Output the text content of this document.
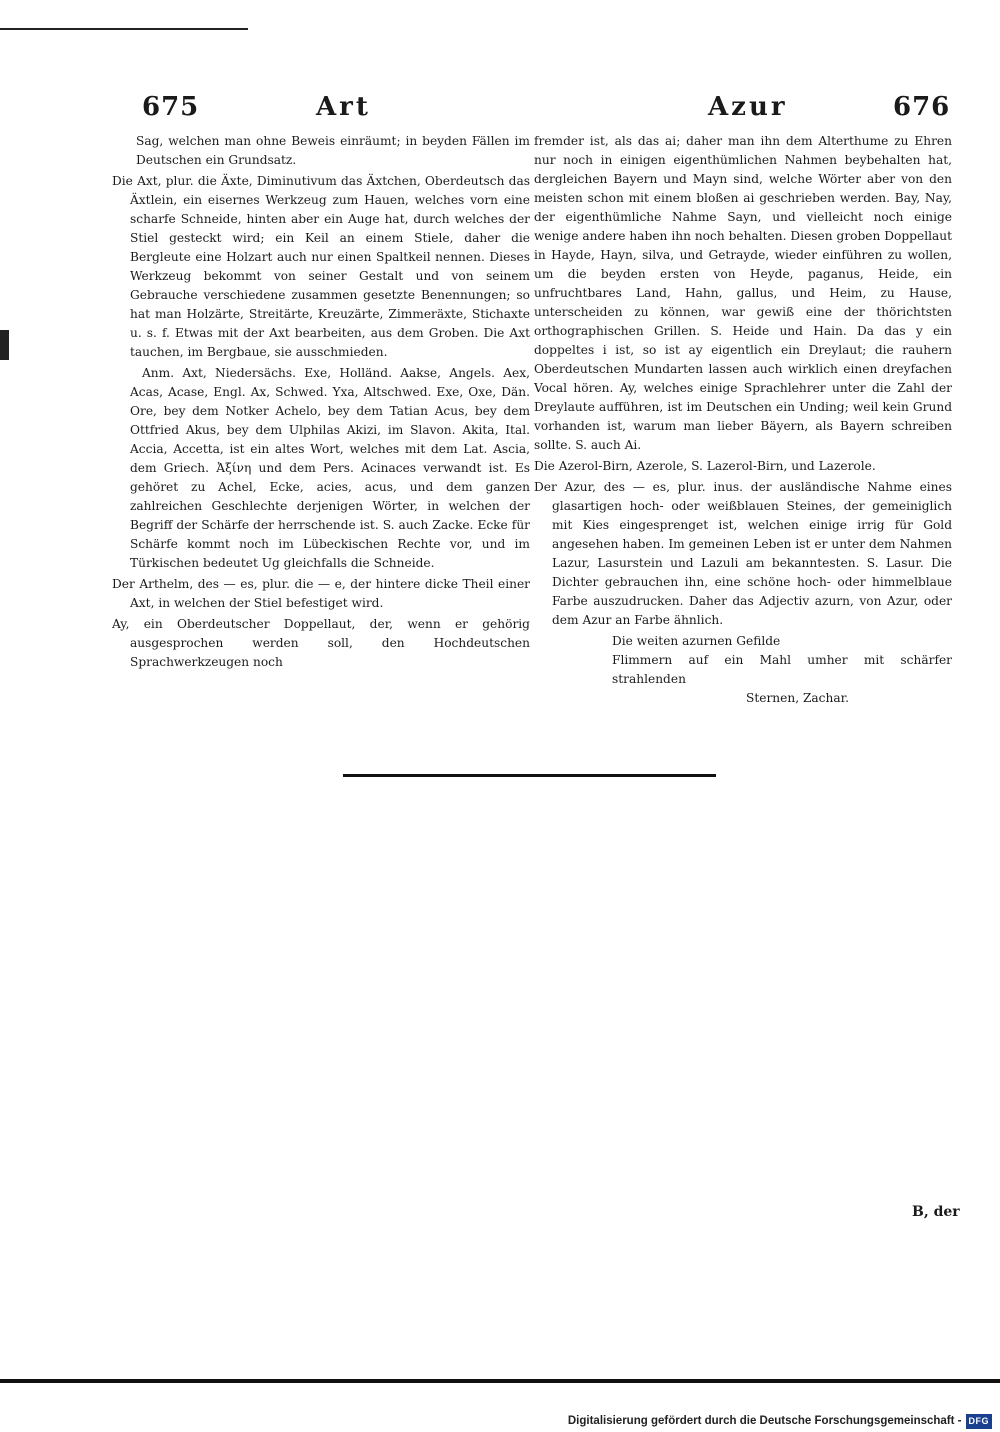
675	Art	Azur	676

Sag, welchen man ohne Beweis einräumt; in beyden Fällen im Deutschen ein Grundsatz.

Die Axt, plur. die Äxte, Diminutivum das Äxtchen, Oberdeutsch das Äxtlein, ein eisernes Werkzeug zum Hauen, welches vorn eine scharfe Schneide, hinten aber ein Auge hat, durch welches der Stiel gesteckt wird; ein Keil an einem Stiele, daher die Bergleute eine Holzart auch nur einen Spaltkeil nennen. Dieses Werkzeug bekommt von seiner Gestalt und von seinem Gebrauche verschiedene zusammen gesetzte Benennungen; so hat man Holzärte, Streitärte, Kreuzärte, Zimmeräxte, Stichaxte u. s. f. Etwas mit der Axt bearbeiten, aus dem Groben. Die Axt tauchen, im Bergbaue, sie ausschmieden.

Anm. Axt, Niedersächs. Exe, Holländ. Aakse, Angels. Aex, Acas, Acase, Engl. Ax, Schwed. Yxa, Altschwed. Exe, Oxe, Dän. Ore, bey dem Notker Achelo, bey dem Tatian Acus, bey dem Ottfried Akus, bey dem Ulphilas Akizi, im Slavon. Akita, Ital. Accia, Accetta, ist ein altes Wort, welches mit dem Lat. Ascia, dem Griech. Ἀξίνη und dem Pers. Acinaces verwandt ist. Es gehöret zu Achel, Ecke, acies, acus, und dem ganzen zahlreichen Geschlechte derjenigen Wörter, in welchen der Begriff der Schärfe der herrschende ist. S. auch Zacke. Ecke für Schärfe kommt noch im Lübeckischen Rechte vor, und im Türkischen bedeutet Ug gleichfalls die Schneide.

Der Arthelm, des — es, plur. die — e, der hintere dicke Theil einer Axt, in welchen der Stiel befestiget wird.

Ay, ein Oberdeutscher Doppellaut, der, wenn er gehörig ausgesprochen werden soll, den Hochdeutschen Sprachwerkzeugen noch

fremder ist, als das ai; daher man ihn dem Alterthume zu Ehren nur noch in einigen eigenthümlichen Nahmen beybehalten hat, dergleichen Bayern und Mayn sind, welche Wörter aber von den meisten schon mit einem bloßen ai geschrieben werden. Bay, Nay, der eigenthümliche Nahme Sayn, und vielleicht noch einige wenige andere haben ihn noch behalten. Diesen groben Doppellaut in Hayde, Hayn, silva, und Getrayde, wieder einführen zu wollen, um die beyden ersten von Heyde, paganus, Heide, ein unfruchtbares Land, Hahn, gallus, und Heim, zu Hause, unterscheiden zu können, war gewiß eine der thörichtsten orthographischen Grillen. S. Heide und Hain. Da das y ein doppeltes i ist, so ist ay eigentlich ein Dreylaut; die rauhern Oberdeutschen Mundarten lassen auch wirklich einen dreyfachen Vocal hören. Ay, welches einige Sprachlehrer unter die Zahl der Dreylaute aufführen, ist im Deutschen ein Unding; weil kein Grund vorhanden ist, warum man lieber Bäyern, als Bayern schreiben sollte. S. auch Ai.

Die Azerol-Birn, Azerole, S. Lazerol-Birn, und Lazerole.

Der Azur, des — es, plur. inus. der ausländische Nahme eines glasartigen hoch- oder weißblauen Steines, der gemeiniglich mit Kies eingesprenget ist, welchen einige irrig für Gold angesehen haben. Im gemeinen Leben ist er unter dem Nahmen Lazur, Lasurstein und Lazuli am bekanntesten. S. Lasur. Die Dichter gebrauchen ihn, eine schöne hoch- oder himmelblaue Farbe auszudrucken. Daher das Adjectiv azurn, von Azur, oder dem Azur an Farbe ähnlich.

Die weiten azurnen Gefilde
Flimmern auf ein Mahl umher mit schärfer strahlenden
Sternen, Zachar.
B, der
Digitalisierung gefördert durch die Deutsche Forschungsgemeinschaft - DFG
